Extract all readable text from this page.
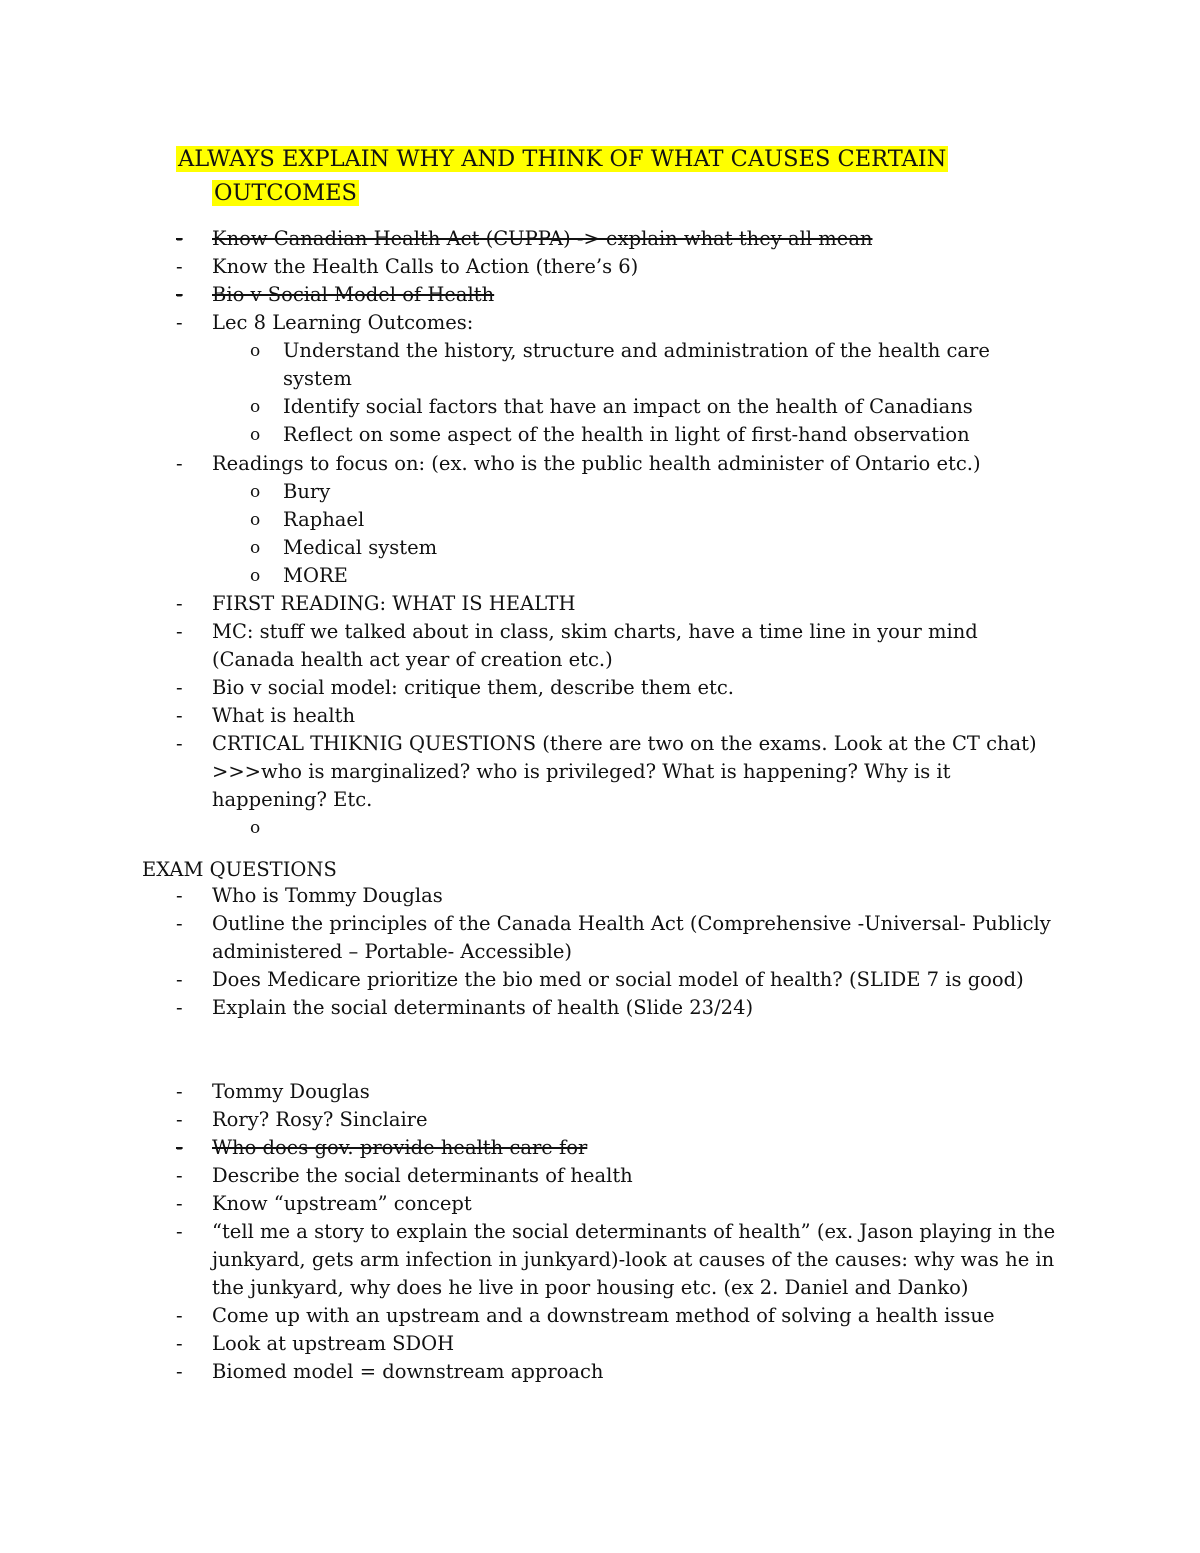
ALWAYS EXPLAIN WHY AND THINK OF WHAT CAUSES CERTAIN

OUTCOMES
- Know Canadian Health Act (CUPPA) -> explain what they all mean
- Know the Health Calls to Action (there’s 6)
- Bio v Social Model of Health
- Lec 8 Learning Outcomes:
o Understand the history, structure and administration of the health care system
o Identify social factors that have an impact on the health of Canadians
o Reflect on some aspect of the health in light of first-hand observation
- Readings to focus on: (ex. who is the public health administer of Ontario etc.)
o Bury
o Raphael
o Medical system
o MORE
- FIRST READING: WHAT IS HEALTH
- MC: stuff we talked about in class, skim charts, have a time line in your mind (Canada health act year of creation etc.)
- Bio v social model: critique them, describe them etc.
- What is health
- CRTICAL THIKNIG QUESTIONS (there are two on the exams. Look at the CT chat) >>>who is marginalized? who is privileged? What is happening? Why is it happening? Etc.
o
EXAM QUESTIONS
- Who is Tommy Douglas
- Outline the principles of the Canada Health Act (Comprehensive -Universal- Publicly administered – Portable- Accessible)
- Does Medicare prioritize the bio med or social model of health? (SLIDE 7 is good)
- Explain the social determinants of health (Slide 23/24)
- Tommy Douglas
- Rory? Rosy? Sinclaire
- Who does gov. provide health care for
- Describe the social determinants of health
- Know “upstream” concept
- “tell me a story to explain the social determinants of health” (ex. Jason playing in the junkyard, gets arm infection in junkyard)-look at causes of the causes: why was he in the junkyard, why does he live in poor housing etc. (ex 2. Daniel and Danko)
- Come up with an upstream and a downstream method of solving a health issue
- Look at upstream SDOH
- Biomed model = downstream approach
